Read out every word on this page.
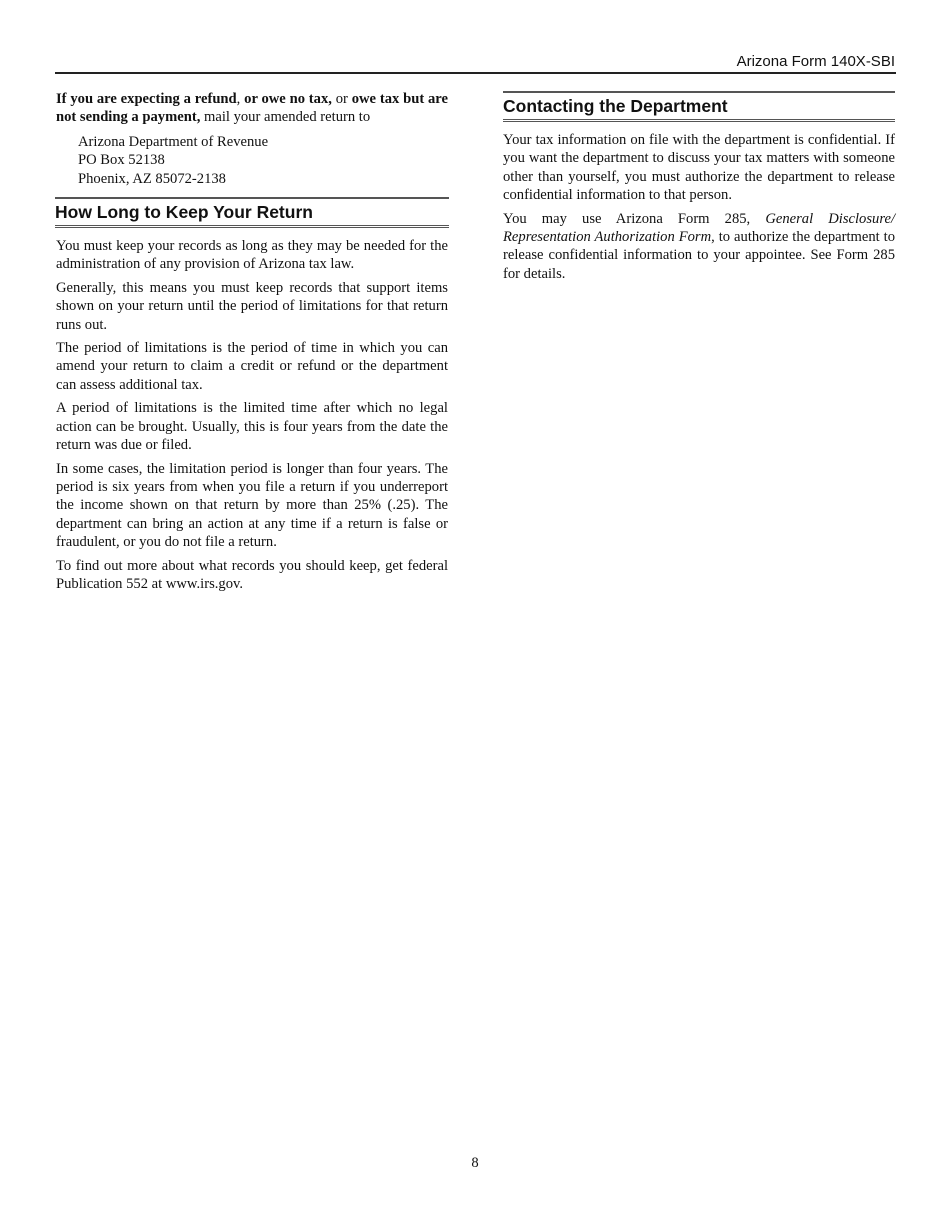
Arizona Form 140X-SBI

If you are expecting a refund, or owe no tax, or owe tax but are not sending a payment, mail your amended return to

Arizona Department of Revenue
PO Box 52138
Phoenix, AZ 85072-2138
How Long to Keep Your Return

You must keep your records as long as they may be needed for the administration of any provision of Arizona tax law.

Generally, this means you must keep records that support items shown on your return until the period of limitations for that return runs out.

The period of limitations is the period of time in which you can amend your return to claim a credit or refund or the department can assess additional tax.

A period of limitations is the limited time after which no legal action can be brought. Usually, this is four years from the date the return was due or filed.

In some cases, the limitation period is longer than four years. The period is six years from when you file a return if you underreport the income shown on that return by more than 25% (.25). The department can bring an action at any time if a return is false or fraudulent, or you do not file a return.

To find out more about what records you should keep, get federal Publication 552 at www.irs.gov.

Contacting the Department

Your tax information on file with the department is confidential. If you want the department to discuss your tax matters with someone other than yourself, you must authorize the department to release confidential information to that person.

You may use Arizona Form 285, General Disclosure/ Representation Authorization Form, to authorize the department to release confidential information to your appointee. See Form 285 for details.

8
